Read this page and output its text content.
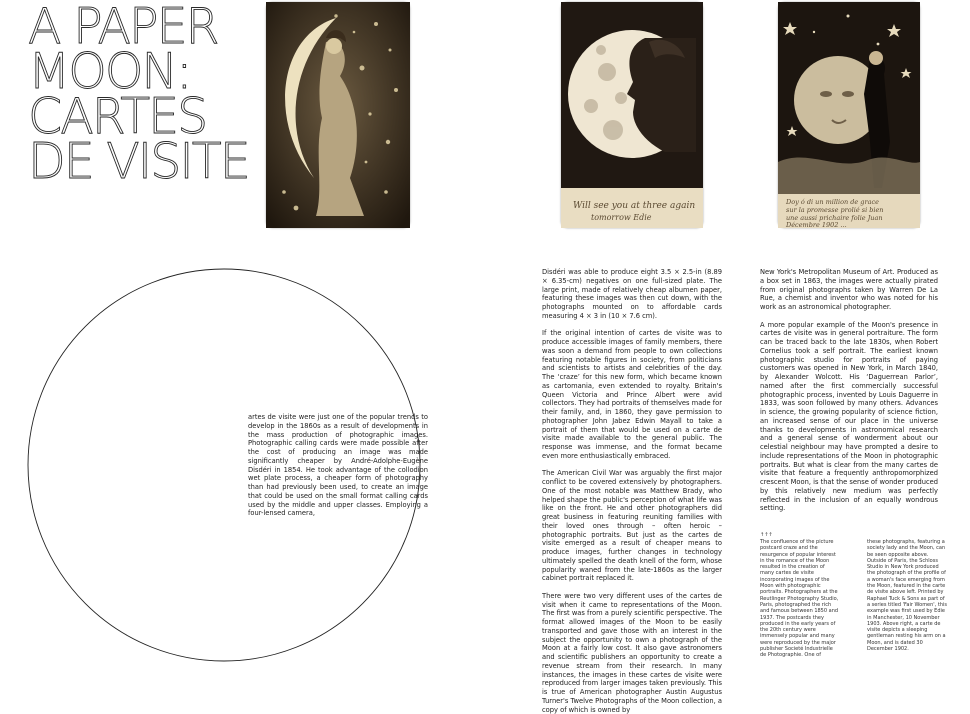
A PAPER
MOON:
CARTES
DE VISITE
Will see you at three again
tomorrow Edie
Doy ó di un million de grace
sur la promesse prolié si bien
une aussi prichaire folie Juan
Décembre 1902 ...

artes de visite were just one of the popular trends to develop in the 1860s as a result of developments in the mass production of photographic images. Photographic calling cards were made possible after the cost of producing an image was made significantly cheaper by André-Adolphe-Eugène Disdéri in 1854. He took advantage of the collodion wet plate process, a cheaper form of photography than had previously been used, to create an image that could be used on the small format calling cards used by the middle and upper classes. Employing a four-lensed camera,

Disdéri was able to produce eight 3.5 × 2.5-in (8.89 × 6.35-cm) negatives on one full-sized plate. The large print, made of relatively cheap albumen paper, featuring these images was then cut down, with the photographs mounted on to affordable cards measuring 4 × 3 in (10 × 7.6 cm).

If the original intention of cartes de visite was to produce accessible images of family members, there was soon a demand from people to own collections featuring notable figures in society, from politicians and scientists to artists and celebrities of the day. The ‘craze’ for this new form, which became known as cartomania, even extended to royalty. Britain's Queen Victoria and Prince Albert were avid collectors. They had portraits of themselves made for their family, and, in 1860, they gave permission to photographer John Jabez Edwin Mayall to take a portrait of them that would be used on a carte de visite made available to the general public. The response was immense, and the format became even more enthusiastically embraced.

The American Civil War was arguably the first major conflict to be covered extensively by photographers. One of the most notable was Matthew Brady, who helped shape the public's perception of what life was like on the front. He and other photographers did great business in featuring reuniting families with their loved ones through – often heroic – photographic portraits. But just as the cartes de visite emerged as a result of cheaper means to produce images, further changes in technology ultimately spelled the death knell of the form, whose popularity waned from the late-1860s as the larger cabinet portrait replaced it.

There were two very different uses of the cartes de visit when it came to representations of the Moon. The first was from a purely scientific perspective. The format allowed images of the Moon to be easily transported and gave those with an interest in the subject the opportunity to own a photograph of the Moon at a fairly low cost. It also gave astronomers and scientific publishers an opportunity to create a revenue stream from their research. In many instances, the images in these cartes de visite were reproduced from larger images taken previously. This is true of American photographer Austin Augustus Turner's Twelve Photographs of the Moon collection, a copy of which is owned by

New York's Metropolitan Museum of Art. Produced as a box set in 1863, the images were actually pirated from original photographs taken by Warren De La Rue, a chemist and inventor who was noted for his work as an astronomical photographer.

A more popular example of the Moon's presence in cartes de visite was in general portraiture. The form can be traced back to the late 1830s, when Robert Cornelius took a self portrait. The earliest known photographic studio for portraits of paying customers was opened in New York, in March 1840, by Alexander Wolcott. His ‘Daguerrean Parlor’, named after the first commercially successful photographic process, invented by Louis Daguerre in 1833, was soon followed by many others. Advances in science, the growing popularity of science fiction, an increased sense of our place in the universe thanks to developments in astronomical research and a general sense of wonderment about our celestial neighbour may have prompted a desire to include representations of the Moon in photographic portraits. But what is clear from the many cartes de visite that feature a frequently anthropomorphized crescent Moon, is that the sense of wonder produced by this relatively new medium was perfectly reflected in the inclusion of an equally wondrous setting.

↑↑↑
The confluence of the picture postcard craze and the resurgence of popular interest in the romance of the Moon resulted in the creation of many cartes de visite incorporating images of the Moon with photographic portraits. Photographers at the Reutlinger Photography Studio, Paris, photographed the rich and famous between 1850 and 1937. The postcards they produced in the early years of the 20th century were immensely popular and many were reproduced by the major publisher Societé Industrielle de Photographie. One of
these photographs, featuring a society lady and the Moon, can be seen opposite above. Outside of Paris, the Schloss Studio in New York produced the photograph of the profile of a woman's face emerging from the Moon, featured in the carte de visite above left. Printed by Raphael Tuck & Sons as part of a series titled 'Fair Women', this example was first used by Edie in Manchester, 10 November 1903. Above right, a carte de visite depicts a sleeping gentleman resting his arm on a Moon, and is dated 30 December 1902.
